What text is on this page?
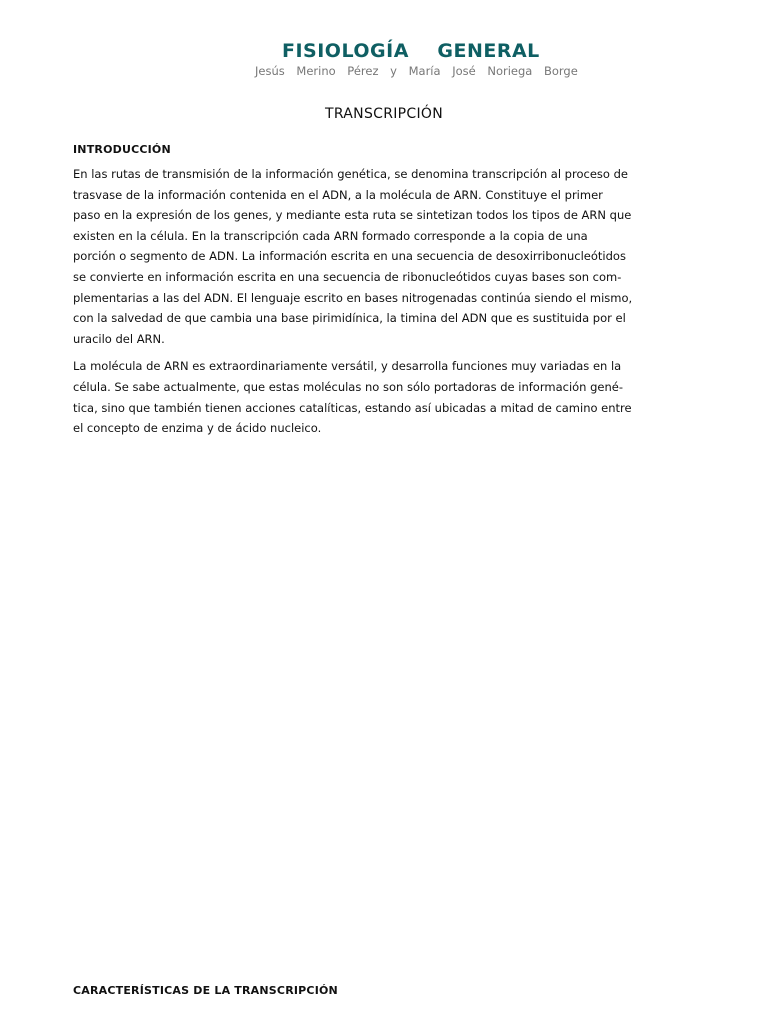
FISIOLOGÍA    GENERAL
Jesús Merino Pérez y María José Noriega Borge
TRANSCRIPCIÓN
INTRODUCCIÓN

En las rutas de transmisión de la información genética, se denomina transcripción al proceso de trasvase de la información contenida en el ADN, a la molécula de ARN. Constituye el primer paso en la expresión de los genes, y mediante esta ruta se sintetizan todos los tipos de ARN que existen en la célula. En la transcripción cada ARN formado corresponde a la copia de una porción o segmento de ADN. La información escrita en una secuencia de desoxirribonucleótidos se convierte en información escrita en una secuencia de ribonucleótidos cuyas bases son complementarias a las del ADN. El lenguaje escrito en bases nitrogenadas continúa siendo el mismo, con la salvedad de que cambia una base pirimidínica, la timina del ADN que es sustituida por el uracilo del ARN.

La molécula de ARN es extraordinariamente versátil, y desarrolla funciones muy variadas en la célula. Se sabe actualmente, que estas moléculas no son sólo portadoras de información genética, sino que también tienen acciones catalíticas, estando así ubicadas a mitad de camino entre el concepto de enzima y de ácido nucleico.

CARACTERÍSTICAS DE LA TRANSCRIPCIÓN
